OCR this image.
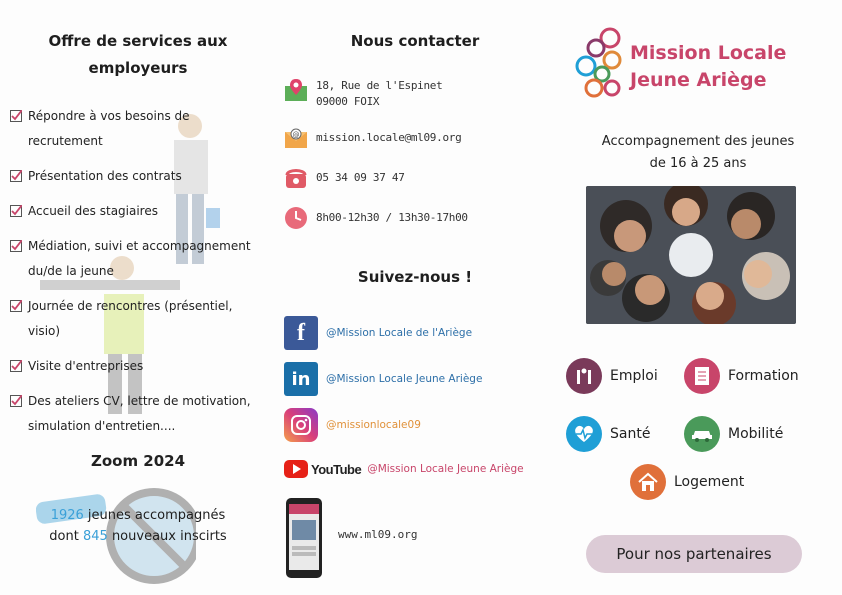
Offre de services aux employeurs
Répondre à vos besoins de recrutement
Présentation des contrats
Accueil des stagiaires
Médiation, suivi et accompagnement du/de la jeune
Journée de rencontres (présentiel, visio)
Visite d'entreprises
Des ateliers CV, lettre de motivation, simulation d'entretien....
Zoom 2024
1926 jeunes accompagnés
dont 845 nouveaux inscirts
Nous contacter
18, Rue de l'Espinet
09000 FOIX
@ mission.locale@ml09.org
05 34 09 37 47
8h00-12h30 / 13h30-17h00
Suivez-nous !
f	@Mission Locale de l'Ariège
in	@Mission Locale Jeune Ariège
@missionlocale09
YouTube @Mission Locale Jeune Ariège
www.ml09.org
Mission Locale
Jeune Ariège
Accompagnement des jeunes
de 16 à 25 ans
Emploi	Formation
Santé	Mobilité
Logement
Pour nos partenaires
